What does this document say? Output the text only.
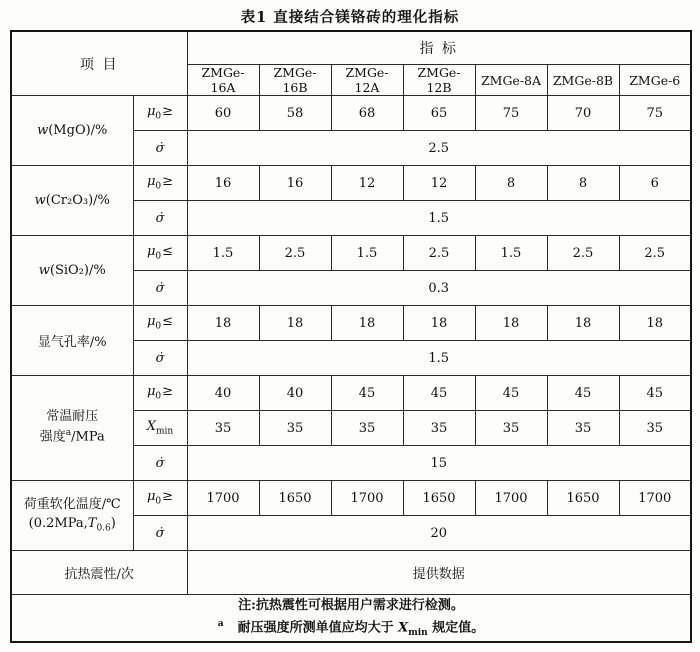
表1 直接结合镁铬砖的理化指标
项 目		指 标						
		ZMGe-16A	ZMGe-16B	ZMGe-12A	ZMGe-12B	ZMGe-8A	ZMGe-8B	ZMGe-6
w(MgO)/%	$\mu_0\ge$	60	58	68	65	75	70	75
	σ̇	2.5						
w(Cr₂O₃)/%	$\mu_0\ge$	16	16	12	12	8	8	6
	σ̇	1.5						
w(SiO₂)/%	$\mu_0\le$	1.5	2.5	1.5	2.5	1.5	2.5	2.5
	σ̇	0.3						
显气孔率/%	$\mu_0\le$	18	18	18	18	18	18	18
	σ̇	1.5						

常温耐压
强度$^a$/MPa	$\mu_0\ge$	40	40	45	45	45	45	45
	$X_{min}$	35	35	35	35	35	35	35
	σ̇	15						

荷重软化温度/℃
$(0.2MPa,T_{0.6})$	$\mu_0\ge$	1700	1650	1700	1650	1700	1650	1700
	σ̇	20						
抗热震性/次		提供数据						

注:抗热震性可根据用户需求进行检测。
$^a$ 耐压强度所测单值应均大于 $X_{min}$ 规定值。								
